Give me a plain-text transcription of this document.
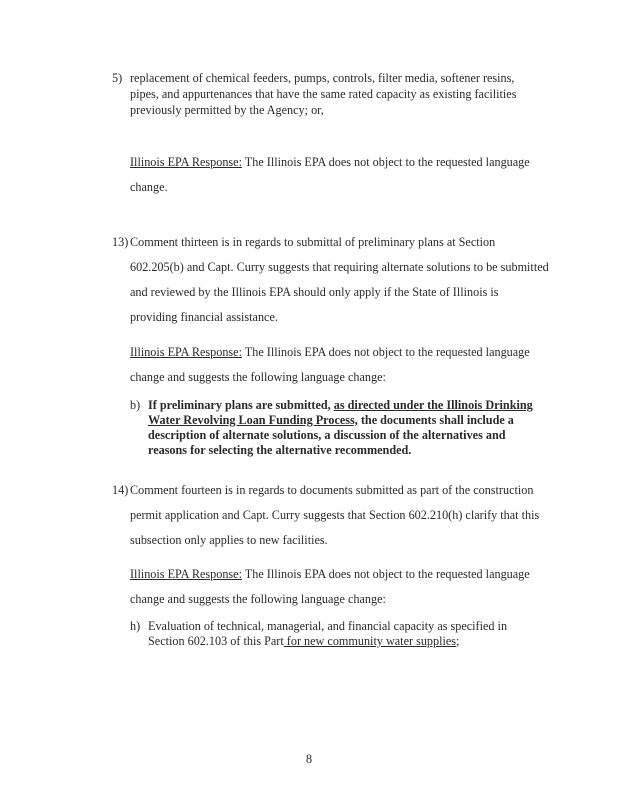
5) replacement of chemical feeders, pumps, controls, filter media, softener resins, pipes, and appurtenances that have the same rated capacity as existing facilities previously permitted by the Agency; or,
Illinois EPA Response: The Illinois EPA does not object to the requested language
change.
13) Comment thirteen is in regards to submittal of preliminary plans at Section
602.205(b) and Capt. Curry suggests that requiring alternate solutions to be submitted
and reviewed by the Illinois EPA should only apply if the State of Illinois is
providing financial assistance.
Illinois EPA Response: The Illinois EPA does not object to the requested language
change and suggests the following language change:
b) If preliminary plans are submitted, as directed under the Illinois Drinking Water Revolving Loan Funding Process, the documents shall include a description of alternate solutions, a discussion of the alternatives and reasons for selecting the alternative recommended.
14) Comment fourteen is in regards to documents submitted as part of the construction
permit application and Capt. Curry suggests that Section 602.210(h) clarify that this
subsection only applies to new facilities.
Illinois EPA Response: The Illinois EPA does not object to the requested language
change and suggests the following language change:
h) Evaluation of technical, managerial, and financial capacity as specified in Section 602.103 of this Part for new community water supplies;
8
